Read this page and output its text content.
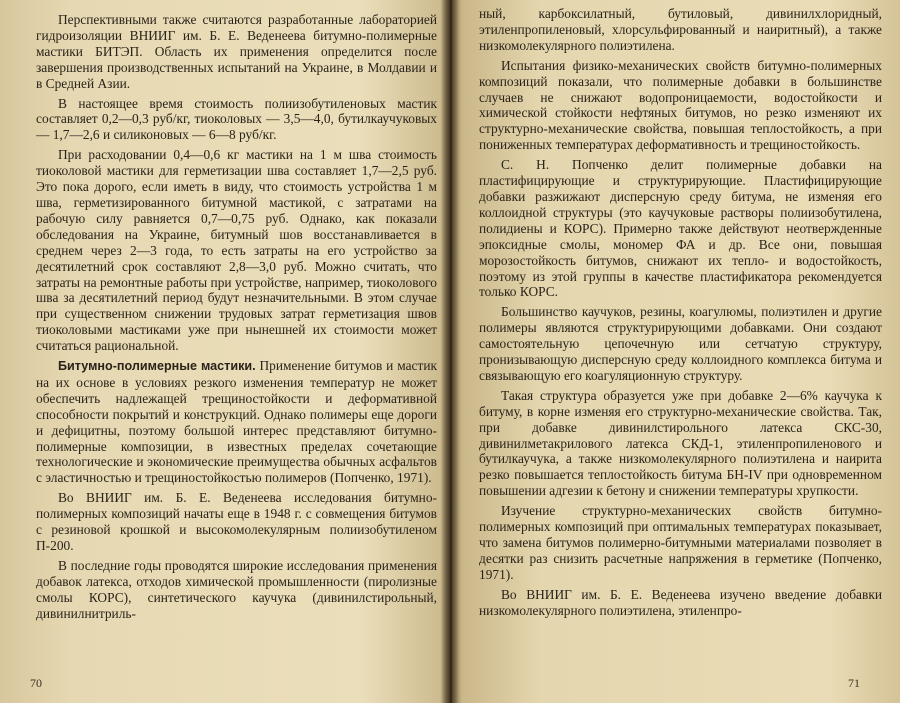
Перспективными также считаются разработанные лабораторией гидроизоляции ВНИИГ им. Б. Е. Веденеева битумно-полимерные мастики БИТЭП. Область их применения определится после завершения производственных испытаний на Украине, в Молдавии и в Средней Азии.

В настоящее время стоимость полиизобутиленовых мастик составляет 0,2—0,3 руб/кг, тиоколовых — 3,5—4,0, бутилкаучуковых — 1,7—2,6 и силиконовых — 6—8 руб/кг.

При расходовании 0,4—0,6 кг мастики на 1 м шва стоимость тиоколовой мастики для герметизации шва составляет 1,7—2,5 руб. Это пока дорого, если иметь в виду, что стоимость устройства 1 м шва, герметизированного битумной мастикой, с затратами на рабочую силу равняется 0,7—0,75 руб. Однако, как показали обследования на Украине, битумный шов восстанавливается в среднем через 2—3 года, то есть затраты на его устройство за десятилетний срок составляют 2,8—3,0 руб. Можно считать, что затраты на ремонтные работы при устройстве, например, тиоколового шва за десятилетний период будут незначительными. В этом случае при существенном снижении трудовых затрат герметизация швов тиоколовыми мастиками уже при нынешней их стоимости может считаться рациональной.

Битумно-полимерные мастики. Применение битумов и мастик на их основе в условиях резкого изменения температур не может обеспечить надлежащей трещиностойкости и деформативной способности покрытий и конструкций. Однако полимеры еще дороги и дефицитны, поэтому большой интерес представляют битумно-полимерные композиции, в известных пределах сочетающие технологические и экономические преимущества обычных асфальтов с эластичностью и трещиностойкостью полимеров (Попченко, 1971).

Во ВНИИГ им. Б. Е. Веденеева исследования битумно-полимерных композиций начаты еще в 1948 г. с совмещения битумов с резиновой крошкой и высокомолекулярным полиизобутиленом П-200.

В последние годы проводятся широкие исследования применения добавок латекса, отходов химической промышленности (пиролизные смолы КОРС), синтетического каучука (дивинилстирольный, дивинилнитриль-

70

ный, карбоксилатный, бутиловый, дивинилхлоридный, этиленпропиленовый, хлорсульфированный и наиритный), а также низкомолекулярного полиэтилена.

Испытания физико-механических свойств битумно-полимерных композиций показали, что полимерные добавки в большинстве случаев не снижают водопроницаемости, водостойкости и химической стойкости нефтяных битумов, но резко изменяют их структурно-механические свойства, повышая теплостойкость, а при пониженных температурах деформативность и трещиностойкость.

С. Н. Попченко делит полимерные добавки на пластифицирующие и структурирующие. Пластифицирующие добавки разжижают дисперсную среду битума, не изменяя его коллоидной структуры (это каучуковые растворы полиизобутилена, полидиены и КОРС). Примерно также действуют неотвержденные эпоксидные смолы, мономер ФА и др. Все они, повышая морозостойкость битумов, снижают их тепло- и водостойкость, поэтому из этой группы в качестве пластификатора рекомендуется только КОРС.

Большинство каучуков, резины, коагулюмы, полиэтилен и другие полимеры являются структурирующими добавками. Они создают самостоятельную цепочечную или сетчатую структуру, пронизывающую дисперсную среду коллоидного комплекса битума и связывающую его коагуляционную структуру.

Такая структура образуется уже при добавке 2—6% каучука к битуму, в корне изменяя его структурно-механические свойства. Так, при добавке дивинилстирольного латекса СКС-30, дивинилметакрилового латекса СКД-1, этиленпропиленового и бутилкаучука, а также низкомолекулярного полиэтилена и наирита резко повышается теплостойкость битума БН-IV при одновременном повышении адгезии к бетону и снижении температуры хрупкости.

Изучение структурно-механических свойств битумно-полимерных композиций при оптимальных температурах показывает, что замена битумов полимерно-битумными материалами позволяет в десятки раз снизить расчетные напряжения в герметике (Попченко, 1971).

Во ВНИИГ им. Б. Е. Веденеева изучено введение добавки низкомолекулярного полиэтилена, этиленпро-

71
